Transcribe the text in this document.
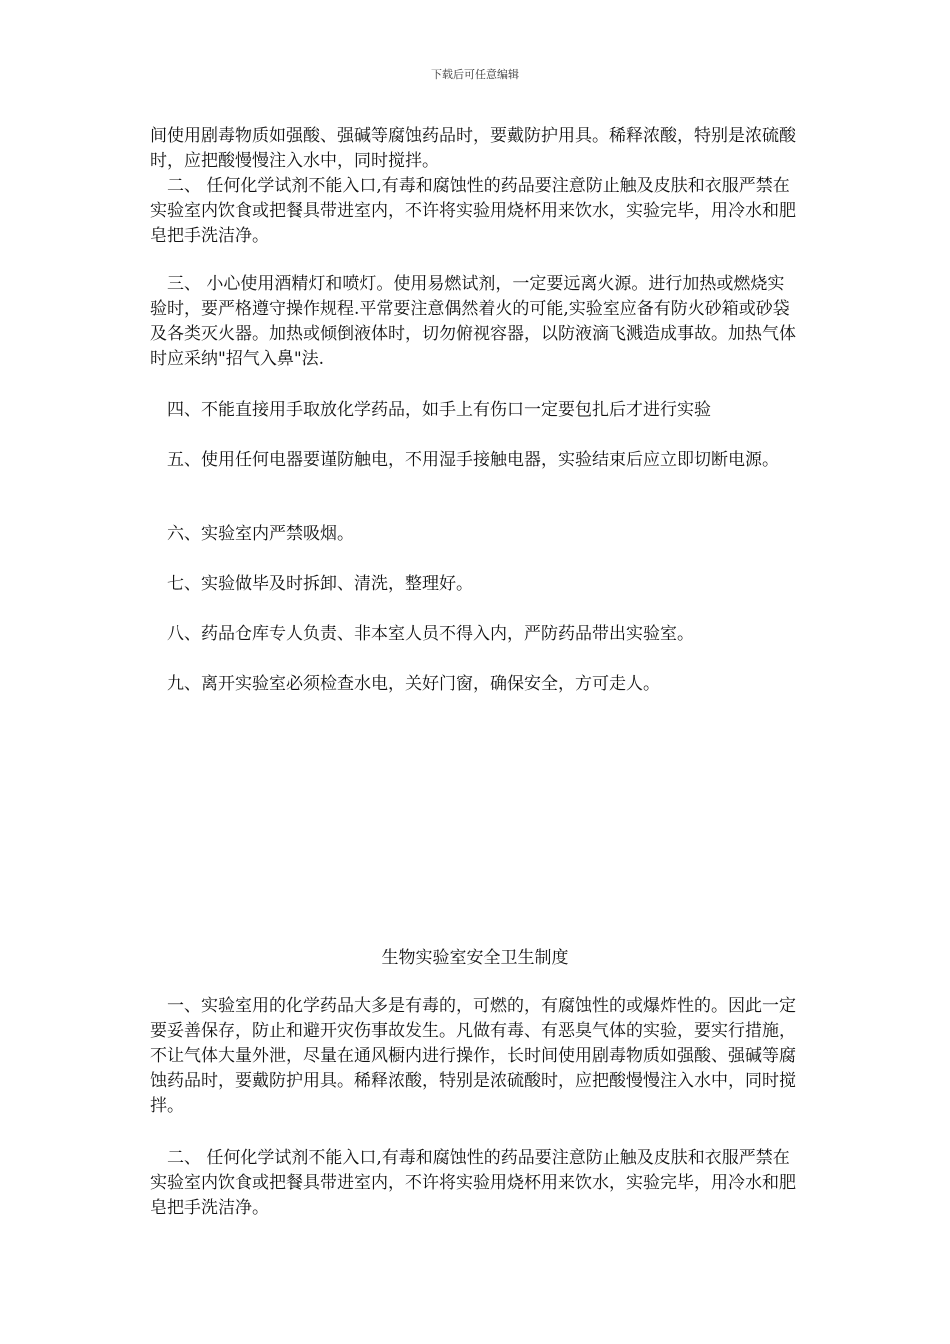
下载后可任意编辑

间使用剧毒物质如强酸、强碱等腐蚀药品时，要戴防护用具。稀释浓酸，特别是浓硫酸　时，应把酸慢慢注入水中，同时搅拌。

　二、 任何化学试剂不能入口,有毒和腐蚀性的药品要注意防止触及皮肤和衣服严禁在实验室内饮食或把餐具带进室内，不许将实验用烧杯用来饮水，实验完毕，用冷水和肥皂把手洗洁净。

　三、 小心使用酒精灯和喷灯。使用易燃试剂，一定要远离火源。进行加热或燃烧实验时，要严格遵守操作规程.平常要注意偶然着火的可能,实验室应备有防火砂箱或砂袋及各类灭火器。加热或倾倒液体时，切勿俯视容器，以防液滴飞溅造成事故。加热气体时应采纳"招气入鼻"法.

　四、不能直接用手取放化学药品，如手上有伤口一定要包扎后才进行实验

　五、使用任何电器要谨防触电，不用湿手接触电器，实验结束后应立即切断电源。

　六、实验室内严禁吸烟。

　七、实验做毕及时拆卸、清洗，整理好。

　八、药品仓库专人负责、非本室人员不得入内，严防药品带出实验室。

　九、离开实验室必须检查水电，关好门窗，确保安全，方可走人。

生物实验室安全卫生制度

　一、实验室用的化学药品大多是有毒的，可燃的，有腐蚀性的或爆炸性的。因此一定要妥善保存，防止和避开灾伤事故发生。凡做有毒、有恶臭气体的实验，要实行措施，不让气体大量外泄，尽量在通风橱内进行操作，长时间使用剧毒物质如强酸、强碱等腐蚀药品时，要戴防护用具。稀释浓酸，特别是浓硫酸时，应把酸慢慢注入水中，同时搅拌。

　二、 任何化学试剂不能入口,有毒和腐蚀性的药品要注意防止触及皮肤和衣服严禁在实验室内饮食或把餐具带进室内，不许将实验用烧杯用来饮水，实验完毕，用冷水和肥皂把手洗洁净。
